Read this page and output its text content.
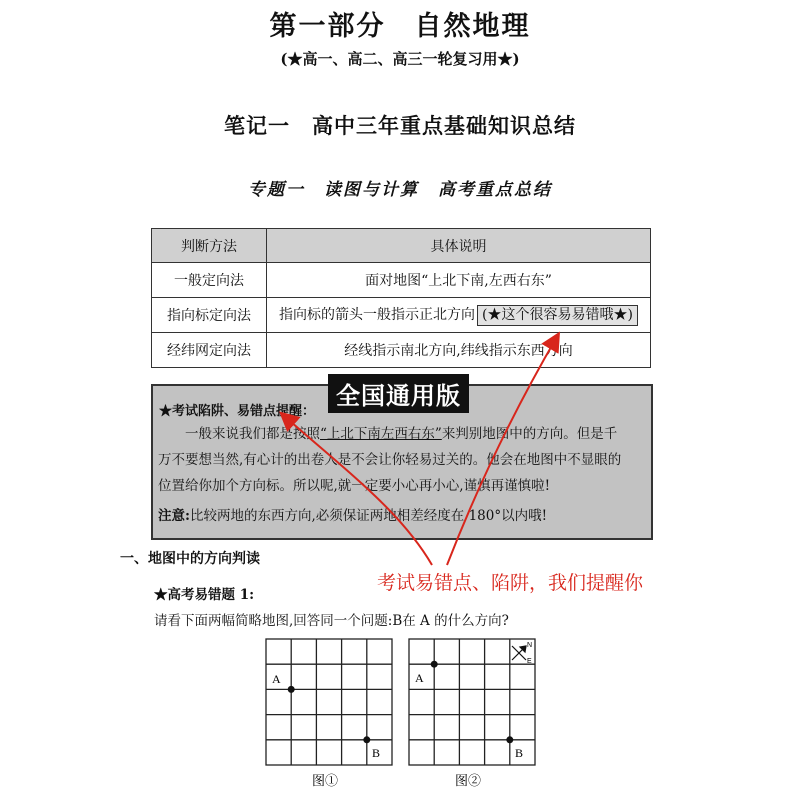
第一部分　自然地理
(★高一、高二、高三一轮复习用★)
笔记一　高中三年重点基础知识总结
专题一　读图与计算　高考重点总结
判断方法	具体说明
一般定向法	面对地图“上北下南,左西右东”
指向标定向法	指向标的箭头一般指示正北方向 (★这个很容易易错哦★)
经纬网定向法	经线指示南北方向,纬线指示东西方向
★考试陷阱、易错点提醒：
一般来说我们都是按照“上北下南左西右东”来判别地图中的方向。但是千
万不要想当然,有心计的出卷人是不会让你轻易过关的。他会在地图中不显眼的
位置给你加个方向标。所以呢,就一定要小心再小心,谨慎再谨慎啦!
注意:比较两地的东西方向,必须保证两地相差经度在 180°以内哦!
全国通用版
考试易错点、陷阱，我们提醒你
一、地图中的方向判读
★高考易错题 1:
请看下面两幅简略地图,回答同一个问题:B在 A 的什么方向?
A
B
图①
A
B
N
E
图②
